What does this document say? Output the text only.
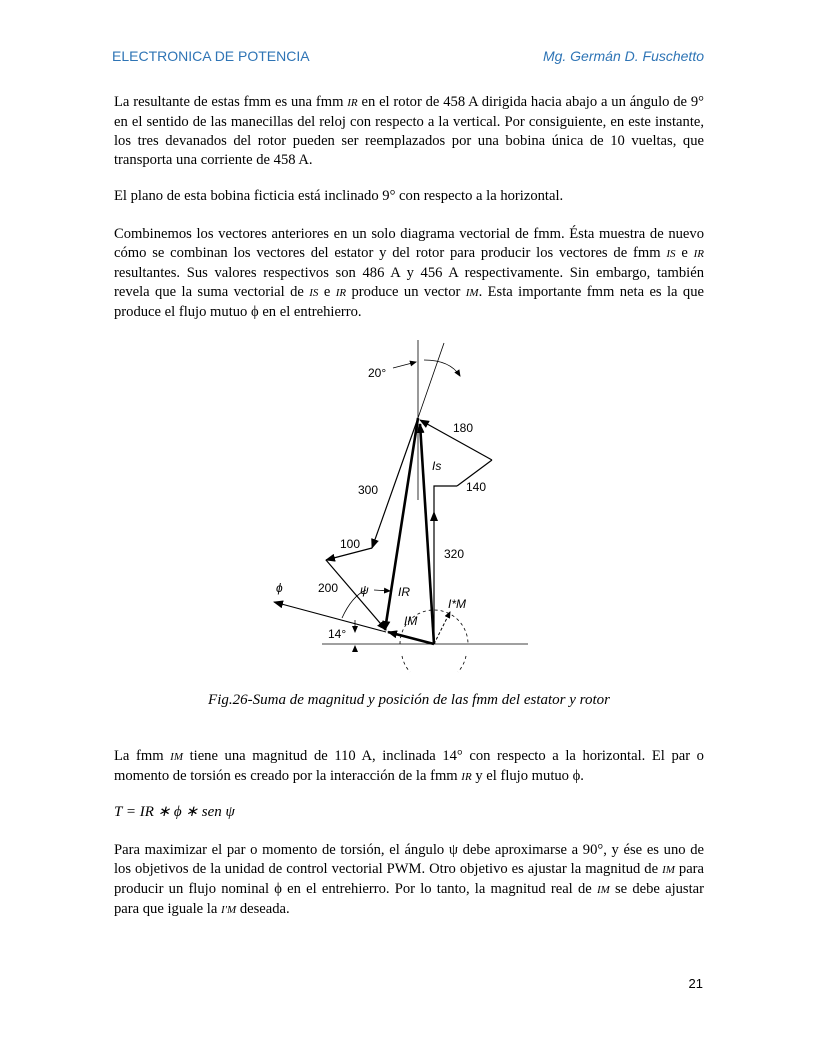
ELECTRONICA DE POTENCIA	Mg. Germán D. Fuschetto

La resultante de estas fmm es una fmm IR en el rotor de 458 A dirigida hacia abajo a un ángulo de 9° en el sentido de las manecillas del reloj con respecto a la vertical. Por consiguiente, en este instante, los tres devanados del rotor pueden ser reemplazados por una bobina única de 10 vueltas, que transporta una corriente de 458 A.

El plano de esta bobina ficticia está inclinado 9° con respecto a la horizontal.

Combinemos los vectores anteriores en un solo diagrama vectorial de fmm. Ésta muestra de nuevo cómo se combinan los vectores del estator y del rotor para producir los vectores de fmm IS e IR resultantes. Sus valores respectivos son 486 A y 456 A respectivamente. Sin embargo, también revela que la suma vectorial de IS e IR produce un vector IM. Esta importante fmm neta es la que produce el flujo mutuo ϕ en el entrehierro.

20°
180
140
300
100
320
200 ψ
ϕ
14°
Is
IR
IM
I*M
Fig.26-Suma de magnitud y posición de las fmm del estator y rotor

La fmm IM tiene una magnitud de 110 A, inclinada 14° con respecto a la horizontal. El par o momento de torsión es creado por la interacción de la fmm IR y el flujo mutuo ϕ.

T = IR ∗ ϕ ∗ sen ψ

Para maximizar el par o momento de torsión, el ángulo ψ debe aproximarse a 90°, y ése es uno de los objetivos de la unidad de control vectorial PWM. Otro objetivo es ajustar la magnitud de IM para producir un flujo nominal ϕ en el entrehierro. Por lo tanto, la magnitud real de IM se debe ajustar para que iguale la I′M deseada.

21
